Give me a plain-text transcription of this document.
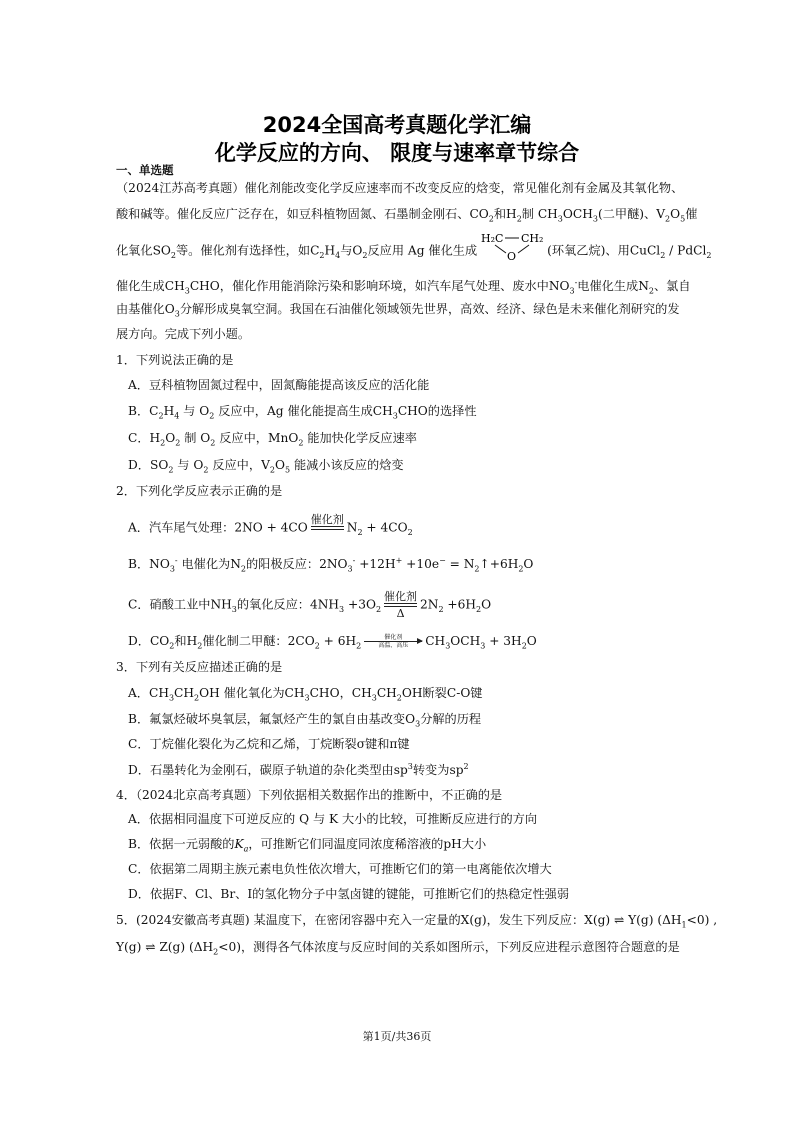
2024全国高考真题化学汇编
化学反应的方向、 限度与速率章节综合
一、单选题
（2024江苏高考真题）催化剂能改变化学反应速率而不改变反应的焓变，常见催化剂有金属及其氧化物、
酸和碱等。催化反应广泛存在，如豆科植物固氮、石墨制金刚石、$CO_2$和$H_2$制 $CH_3OCH_3$(二甲醚)、$V_2O_5$催
化氧化$SO_2$等。催化剂有选择性，如$C_2H_4$与$O_2$反应用 Ag 催化生成
H₂C CH₂
O	(环氧乙烷)、用CuCl$_2$ / PdCl$_2$
催化生成$CH_3CHO$，催化作用能消除污染和影响环境，如汽车尾气处理、废水中$NO_3^-$电催化生成$N_2$、氯自
由基催化$O_3$分解形成臭氧空洞。我国在石油催化领域领先世界，高效、经济、绿色是未来催化剂研究的发
展方向。完成下列小题。
1．下列说法正确的是
A．豆科植物固氮过程中，固氮酶能提高该反应的活化能
B．$C_2H_4$ 与 $O_2$ 反应中，Ag 催化能提高生成$CH_3CHO$的选择性
C．$H_2O_2$ 制 $O_2$ 反应中，MnO$_2$ 能加快化学反应速率
D．$SO_2$ 与 $O_2$ 反应中，$V_2O_5$ 能减小该反应的焓变
2．下列化学反应表示正确的是
A．汽车尾气处理：2NO + 4CO
催化剂

$N_2 + 4CO_2$
B．$NO_3^-$ 电催化为$N_2$的阳极反应：$2NO_3^- +12H^+ +10e^-$ = $N_2↑+6H_2O$
C．硝酸工业中$NH_3$的氧化反应：$4NH_3 +3O_2$
催化剂
Δ
$2N_2 +6H_2O$
D．$CO_2$和$H_2$催化制二甲醚：$2CO_2 + 6H_2$
催化剂
高温、高压	$CH_3OCH_3 + 3H_2O$
3．下列有关反应描述正确的是
A．$CH_3CH_2OH$ 催化氧化为$CH_3CHO$，$CH_3CH_2OH$断裂C-O键
B．氟氯烃破坏臭氧层，氟氯烃产生的氯自由基改变$O_3$分解的历程
C．丁烷催化裂化为乙烷和乙烯，丁烷断裂σ键和π键
D．石墨转化为金刚石，碳原子轨道的杂化类型由$sp^3$转变为$sp^2$
4．（2024北京高考真题）下列依据相关数据作出的推断中，不正确的是
A．依据相同温度下可逆反应的 Q 与 K 大小的比较，可推断反应进行的方向
B．依据一元弱酸的$K_a$，可推断它们同温度同浓度稀溶液的pH大小
C．依据第二周期主族元素电负性依次增大，可推断它们的第一电离能依次增大
D．依据F、Cl、Br、I的氢化物分子中氢卤键的键能，可推断它们的热稳定性强弱
5．(2024安徽高考真题) 某温度下，在密闭容器中充入一定量的X(g)，发生下列反应：X(g) ⇌ Y(g) $(\Delta H_1<0)$ ,
Y(g) ⇌ Z(g) $(\Delta H_2<0)$，测得各气体浓度与反应时间的关系如图所示，下列反应进程示意图符合题意的是
第1页/共36页
